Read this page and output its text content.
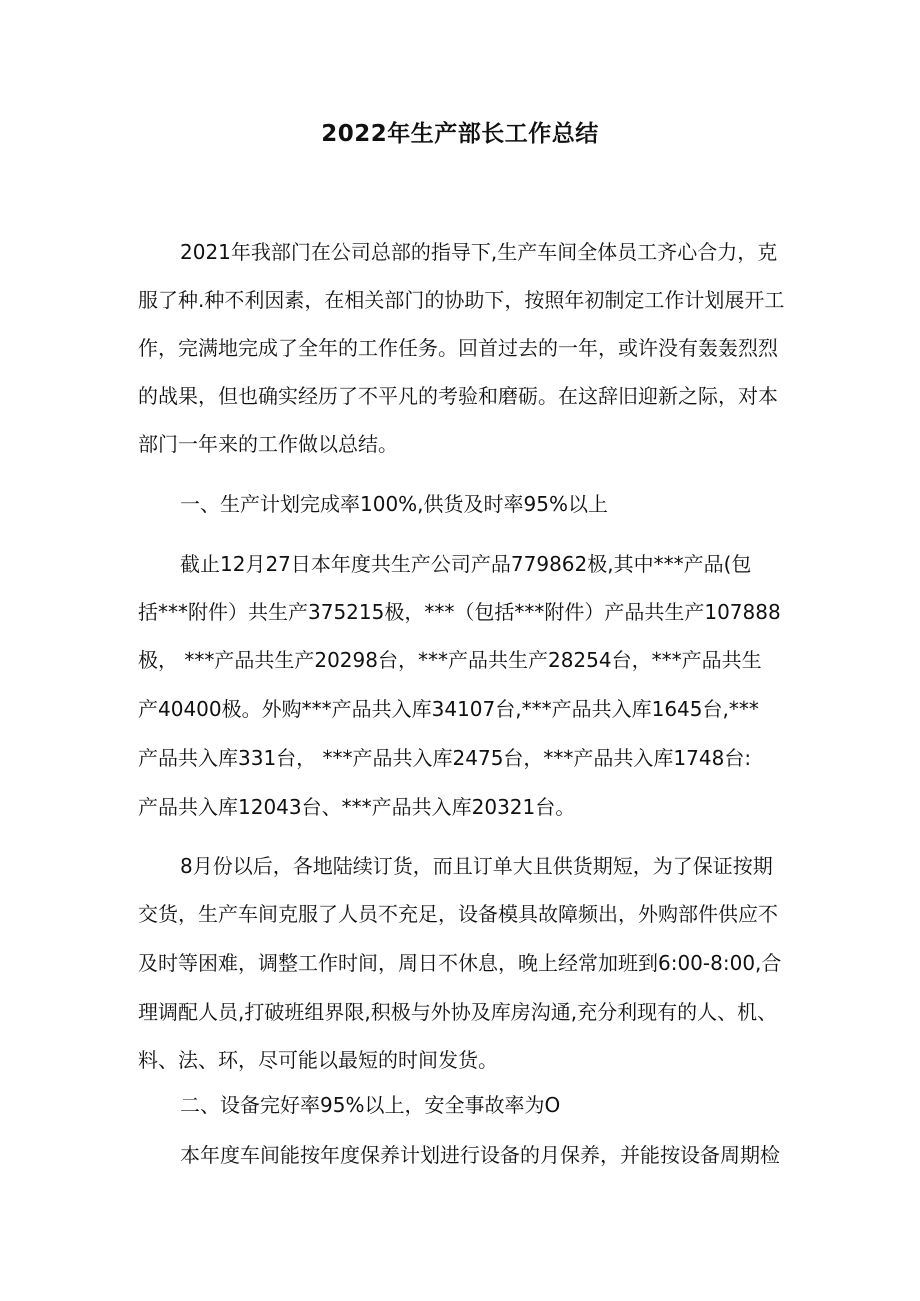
2022年生产部长工作总结

2021年我部门在公司总部的指导下,生产车间全体员工齐心合力，克

服了种.种不利因素，在相关部门的协助下，按照年初制定工作计划展开工

作，完满地完成了全年的工作任务。回首过去的一年，或许没有轰轰烈烈

的战果，但也确实经历了不平凡的考验和磨砺。在这辞旧迎新之际，对本

部门一年来的工作做以总结。

一、生产计划完成率100%,供货及时率95%以上

截止12月27日本年度共生产公司产品779862极,其中***产品(包

括***附件）共生产375215极，***（包括***附件）产品共生产107888

极， ***产品共生产20298台，***产品共生产28254台，***产品共生

产40400极。外购***产品共入库34107台,***产品共入库1645台,***

产品共入库331台， ***产品共入库2475台，***产品共入库1748台:

产品共入库12043台、***产品共入库20321台。

8月份以后，各地陆续订货，而且订单大且供货期短，为了保证按期

交货，生产车间克服了人员不充足，设备模具故障频出，外购部件供应不

及时等困难，调整工作时间，周日不休息，晚上经常加班到6:00-8:00,合

理调配人员,打破班组界限,积极与外协及库房沟通,充分利现有的人、机、

料、法、环，尽可能以最短的时间发货。

二、设备完好率95%以上，安全事故率为O

本年度车间能按年度保养计划进行设备的月保养，并能按设备周期检
